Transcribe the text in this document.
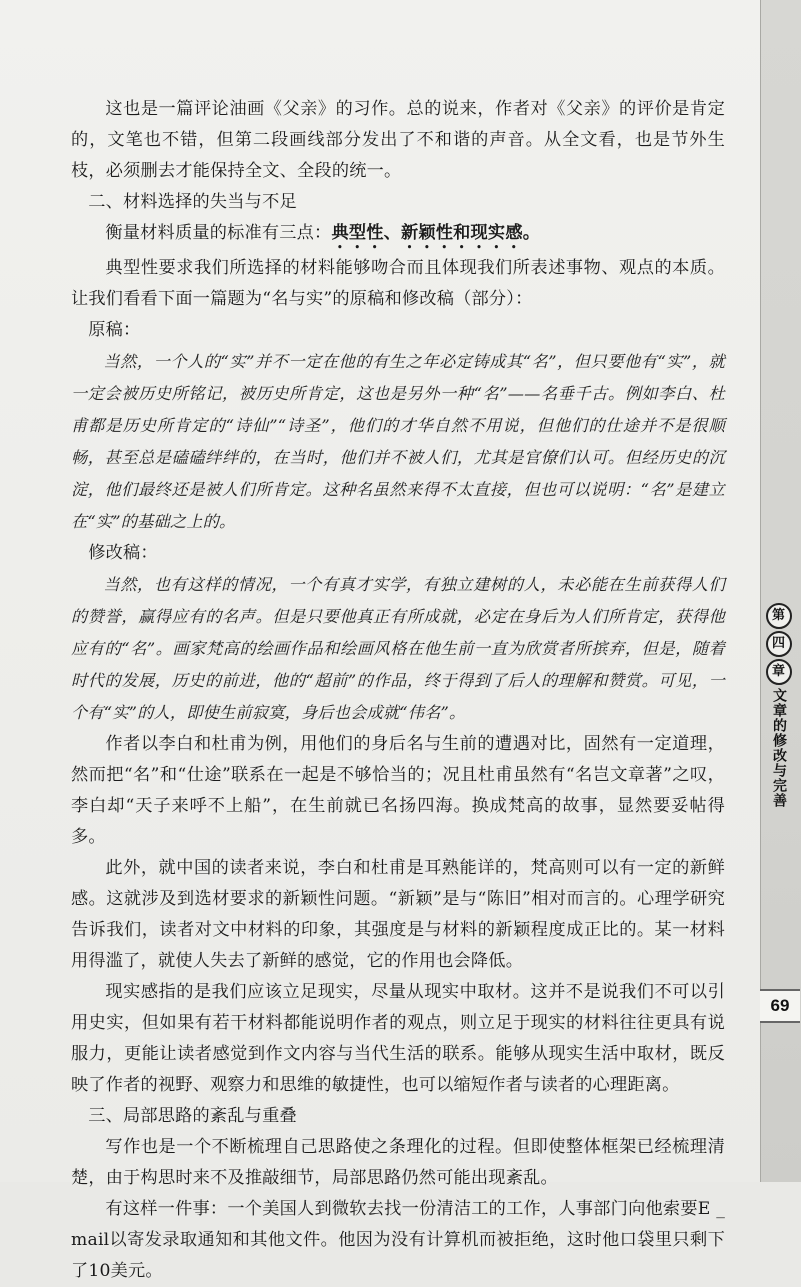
这也是一篇评论油画《父亲》的习作。总的说来，作者对《父亲》的评价是肯定的，文笔也不错，但第二段画线部分发出了不和谐的声音。从全文看，也是节外生枝，必须删去才能保持全文、全段的统一。

二、材料选择的失当与不足

衡量材料质量的标准有三点：典型性、新颖性和现实感。

典型性要求我们所选择的材料能够吻合而且体现我们所表述事物、观点的本质。让我们看看下面一篇题为“名与实”的原稿和修改稿（部分）：

原稿：

当然，一个人的“实”并不一定在他的有生之年必定铸成其“名”，但只要他有“实”，就一定会被历史所铭记，被历史所肯定，这也是另外一种“名”——名垂千古。例如李白、杜甫都是历史所肯定的“诗仙”“诗圣”，他们的才华自然不用说，但他们的仕途并不是很顺畅，甚至总是磕磕绊绊的，在当时，他们并不被人们，尤其是官僚们认可。但经历史的沉淀，他们最终还是被人们所肯定。这种名虽然来得不太直接，但也可以说明：“名”是建立在“实”的基础之上的。

修改稿：

当然，也有这样的情况，一个有真才实学，有独立建树的人，未必能在生前获得人们的赞誉，赢得应有的名声。但是只要他真正有所成就，必定在身后为人们所肯定，获得他应有的“名”。画家梵高的绘画作品和绘画风格在他生前一直为欣赏者所摈弃，但是，随着时代的发展，历史的前进，他的“超前”的作品，终于得到了后人的理解和赞赏。可见，一个有“实”的人，即使生前寂寞，身后也会成就“伟名”。

作者以李白和杜甫为例，用他们的身后名与生前的遭遇对比，固然有一定道理，然而把“名”和“仕途”联系在一起是不够恰当的；况且杜甫虽然有“名岂文章著”之叹，李白却“天子来呼不上船”，在生前就已名扬四海。换成梵高的故事，显然要妥帖得多。

此外，就中国的读者来说，李白和杜甫是耳熟能详的，梵高则可以有一定的新鲜感。这就涉及到选材要求的新颖性问题。“新颖”是与“陈旧”相对而言的。心理学研究告诉我们，读者对文中材料的印象，其强度是与材料的新颖程度成正比的。某一材料用得滥了，就使人失去了新鲜的感觉，它的作用也会降低。

现实感指的是我们应该立足现实，尽量从现实中取材。这并不是说我们不可以引用史实，但如果有若干材料都能说明作者的观点，则立足于现实的材料往往更具有说服力，更能让读者感觉到作文内容与当代生活的联系。能够从现实生活中取材，既反映了作者的视野、观察力和思维的敏捷性，也可以缩短作者与读者的心理距离。

三、局部思路的紊乱与重叠

写作也是一个不断梳理自己思路使之条理化的过程。但即使整体框架已经梳理清楚，由于构思时来不及推敲细节，局部思路仍然可能出现紊乱。

有这样一件事：一个美国人到微软去找一份清洁工的工作，人事部门向他索要E _ mail以寄发录取通知和其他文件。他因为没有计算机而被拒绝，这时他口袋里只剩下了10美元。

第
四
章
文章的修改与完善
69
